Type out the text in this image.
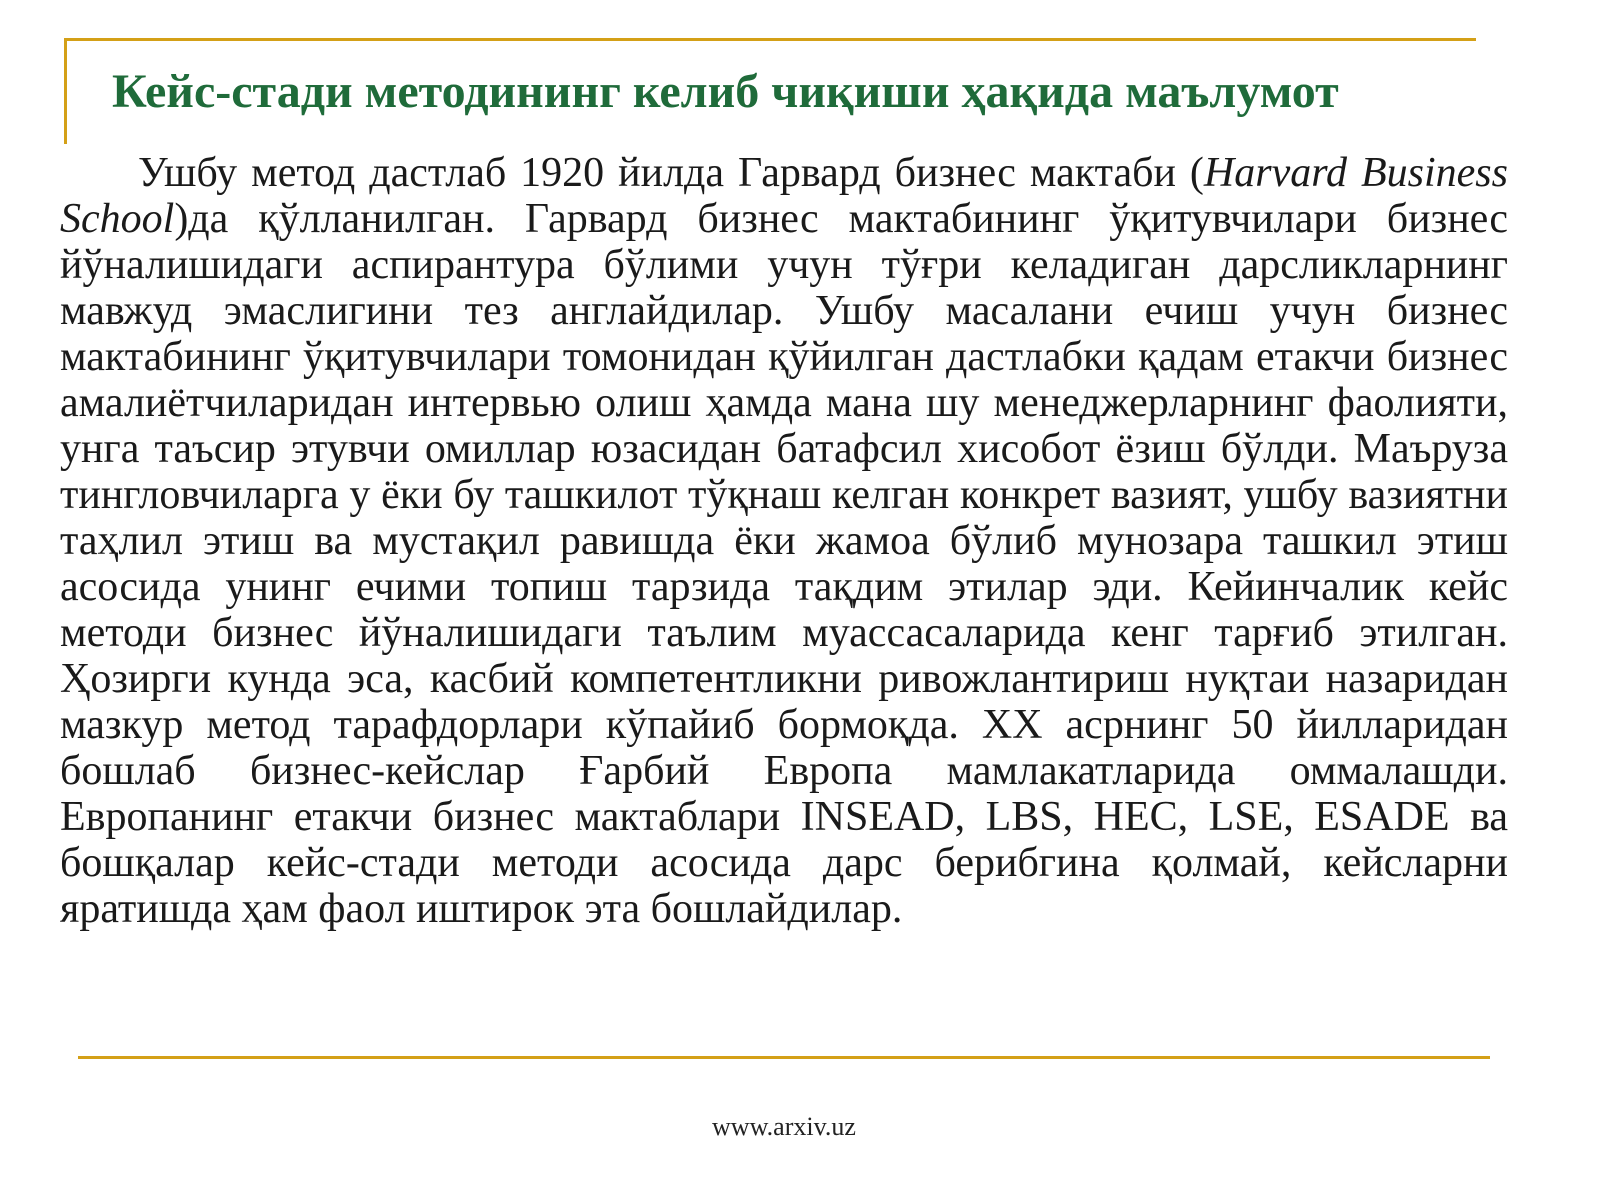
Кейс-стади методининг келиб чиқиши ҳақида маълумот

Ушбу метод дастлаб 1920 йилда Гарвард бизнес мактаби (Harvard Business School)да қўлланилган. Гарвард бизнес мактабининг ўқитувчилари бизнес йўналишидаги аспирантура бўлими учун тўғри келадиган дарсликларнинг мавжуд эмаслигини тез англайдилар. Ушбу масалани ечиш учун бизнес мактабининг ўқитувчилари томонидан қўйилган дастлабки қадам етакчи бизнес амалиётчиларидан интервью олиш ҳамда мана шу менеджерларнинг фаолияти, унга таъсир этувчи омиллар юзасидан батафсил хисобот ёзиш бўлди. Маъруза тингловчиларга у ёки бу ташкилот тўқнаш келган конкрет вазият, ушбу вазиятни таҳлил этиш ва мустақил равишда ёки жамоа бўлиб мунозара ташкил этиш асосида унинг ечими топиш тарзида тақдим этилар эди. Кейинчалик кейс методи бизнес йўналишидаги таълим муассасаларида кенг тарғиб этилган. Ҳозирги кунда эса, касбий компетентликни ривожлантириш нуқтаи назаридан мазкур метод тарафдорлари кўпайиб бормоқда. XX асрнинг 50 йилларидан бошлаб бизнес-кейслар Ғарбий Европа мамлакатларида оммалашди. Европанинг етакчи бизнес мактаблари INSEAD, LBS, HEC, LSE, ESADE ва бошқалар кейс-стади методи асосида дарс берибгина қолмай, кейсларни яратишда ҳам фаол иштирок эта бошлайдилар.

www.arxiv.uz
